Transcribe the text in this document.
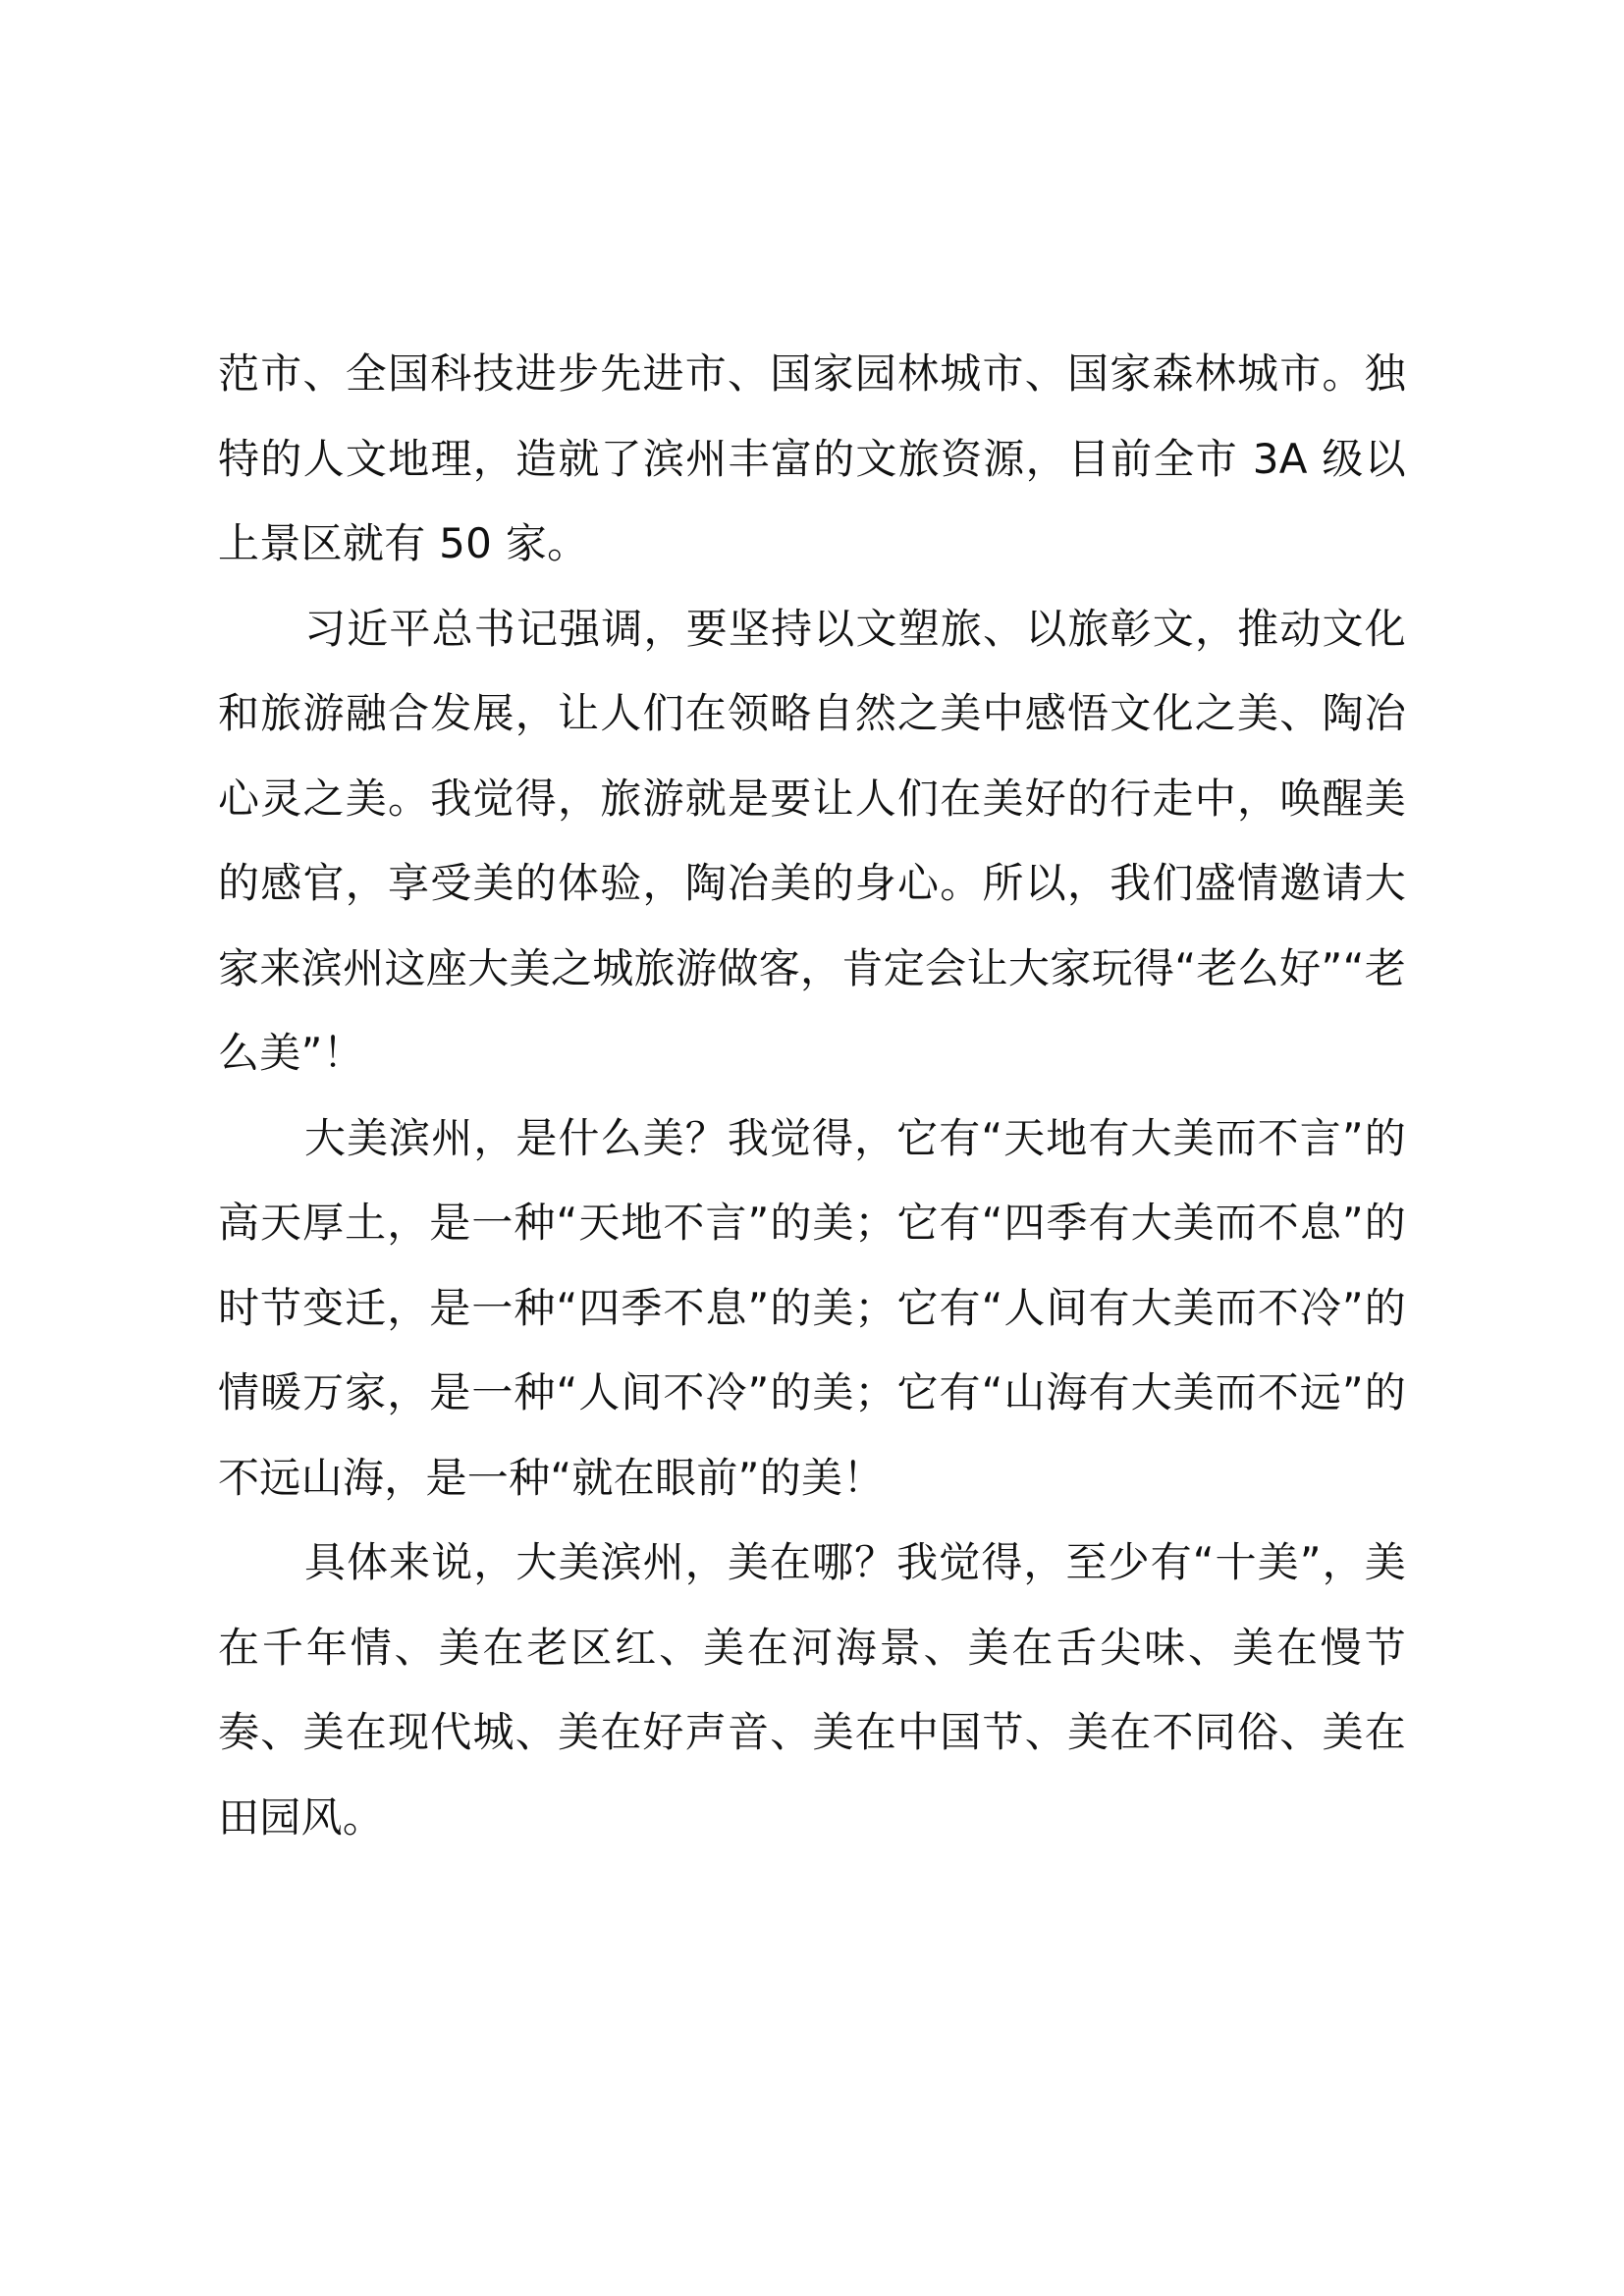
范市、全国科技进步先进市、国家园林城市、国家森林城市。独特的人文地理，造就了滨州丰富的文旅资源，目前全市 3A 级以上景区就有 50 家。

习近平总书记强调，要坚持以文塑旅、以旅彰文，推动文化和旅游融合发展，让人们在领略自然之美中感悟文化之美、陶冶心灵之美。我觉得，旅游就是要让人们在美好的行走中，唤醒美的感官，享受美的体验，陶冶美的身心。所以，我们盛情邀请大家来滨州这座大美之城旅游做客，肯定会让大家玩得“老么好”“老么美”！

大美滨州，是什么美？我觉得，它有“天地有大美而不言”的高天厚土，是一种“天地不言”的美；它有“四季有大美而不息”的时节变迁，是一种“四季不息”的美；它有“人间有大美而不冷”的情暖万家，是一种“人间不冷”的美；它有“山海有大美而不远”的不远山海，是一种“就在眼前”的美！

具体来说，大美滨州，美在哪？我觉得，至少有“十美”，美在千年情、美在老区红、美在河海景、美在舌尖味、美在慢节奏、美在现代城、美在好声音、美在中国节、美在不同俗、美在田园风。
